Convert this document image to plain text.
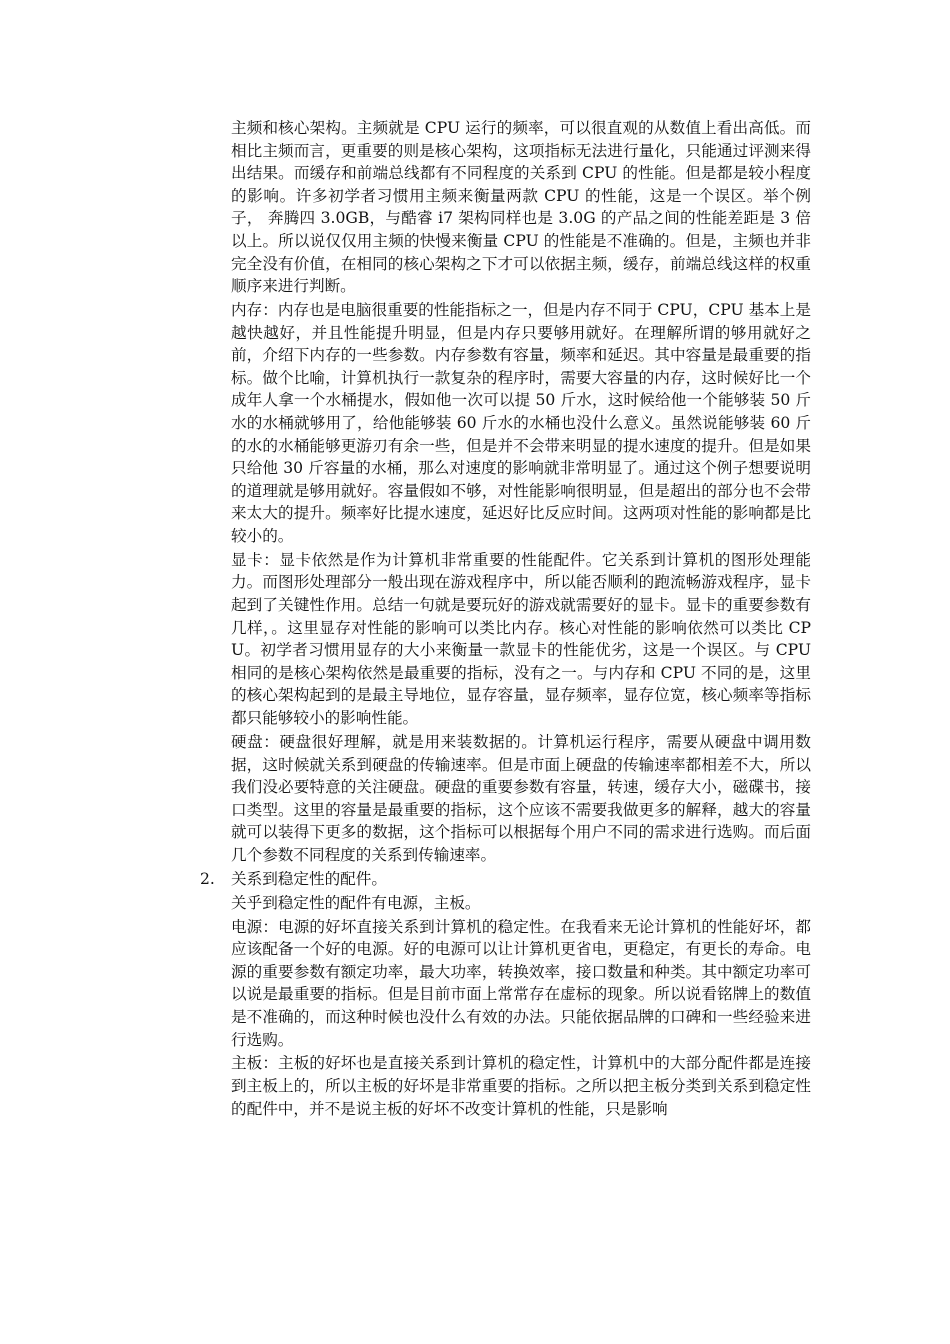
主频和核心架构。主频就是 CPU 运行的频率，可以很直观的从数值上看出高低。而相比主频而言，更重要的则是核心架构，这项指标无法进行量化，只能通过评测来得出结果。而缓存和前端总线都有不同程度的关系到 CPU 的性能。但是都是较小程度的影响。许多初学者习惯用主频来衡量两款 CPU 的性能，这是一个误区。举个例子， 奔腾四 3.0GB，与酷睿 i7 架构同样也是 3.0G 的产品之间的性能差距是 3 倍以上。所以说仅仅用主频的快慢来衡量 CPU 的性能是不准确的。但是，主频也并非完全没有价值，在相同的核心架构之下才可以依据主频，缓存，前端总线这样的权重顺序来进行判断。

内存：内存也是电脑很重要的性能指标之一，但是内存不同于 CPU，CPU 基本上是越快越好，并且性能提升明显，但是内存只要够用就好。在理解所谓的够用就好之前，介绍下内存的一些参数。内存参数有容量，频率和延迟。其中容量是最重要的指标。做个比喻，计算机执行一款复杂的程序时，需要大容量的内存，这时候好比一个成年人拿一个水桶提水，假如他一次可以提 50 斤水，这时候给他一个能够装 50 斤水的水桶就够用了，给他能够装 60 斤水的水桶也没什么意义。虽然说能够装 60 斤的水的水桶能够更游刃有余一些，但是并不会带来明显的提水速度的提升。但是如果只给他 30 斤容量的水桶，那么对速度的影响就非常明显了。通过这个例子想要说明的道理就是够用就好。容量假如不够，对性能影响很明显，但是超出的部分也不会带来太大的提升。频率好比提水速度，延迟好比反应时间。这两项对性能的影响都是比较小的。

显卡：显卡依然是作为计算机非常重要的性能配件。它关系到计算机的图形处理能力。而图形处理部分一般出现在游戏程序中，所以能否顺利的跑流畅游戏程序，显卡起到了关键性作用。总结一句就是要玩好的游戏就需要好的显卡。显卡的重要参数有几样，。这里显存对性能的影响可以类比内存。核心对性能的影响依然可以类比 CPU。初学者习惯用显存的大小来衡量一款显卡的性能优劣，这是一个误区。与 CPU 相同的是核心架构依然是最重要的指标，没有之一。与内存和 CPU 不同的是，这里的核心架构起到的是最主导地位，显存容量，显存频率，显存位宽，核心频率等指标都只能够较小的影响性能。

硬盘：硬盘很好理解，就是用来装数据的。计算机运行程序，需要从硬盘中调用数据，这时候就关系到硬盘的传输速率。但是市面上硬盘的传输速率都相差不大，所以我们没必要特意的关注硬盘。硬盘的重要参数有容量，转速，缓存大小，磁碟书，接口类型。这里的容量是最重要的指标，这个应该不需要我做更多的解释，越大的容量就可以装得下更多的数据，这个指标可以根据每个用户不同的需求进行选购。而后面几个参数不同程度的关系到传输速率。

2. 关系到稳定性的配件。

关乎到稳定性的配件有电源，主板。

电源：电源的好坏直接关系到计算机的稳定性。在我看来无论计算机的性能好坏，都应该配备一个好的电源。好的电源可以让计算机更省电，更稳定，有更长的寿命。电源的重要参数有额定功率，最大功率，转换效率，接口数量和种类。其中额定功率可以说是最重要的指标。但是目前市面上常常存在虚标的现象。所以说看铭牌上的数值是不准确的，而这种时候也没什么有效的办法。只能依据品牌的口碑和一些经验来进行选购。

主板：主板的好坏也是直接关系到计算机的稳定性，计算机中的大部分配件都是连接到主板上的，所以主板的好坏是非常重要的指标。之所以把主板分类到关系到稳定性的配件中，并不是说主板的好坏不改变计算机的性能，只是影响
